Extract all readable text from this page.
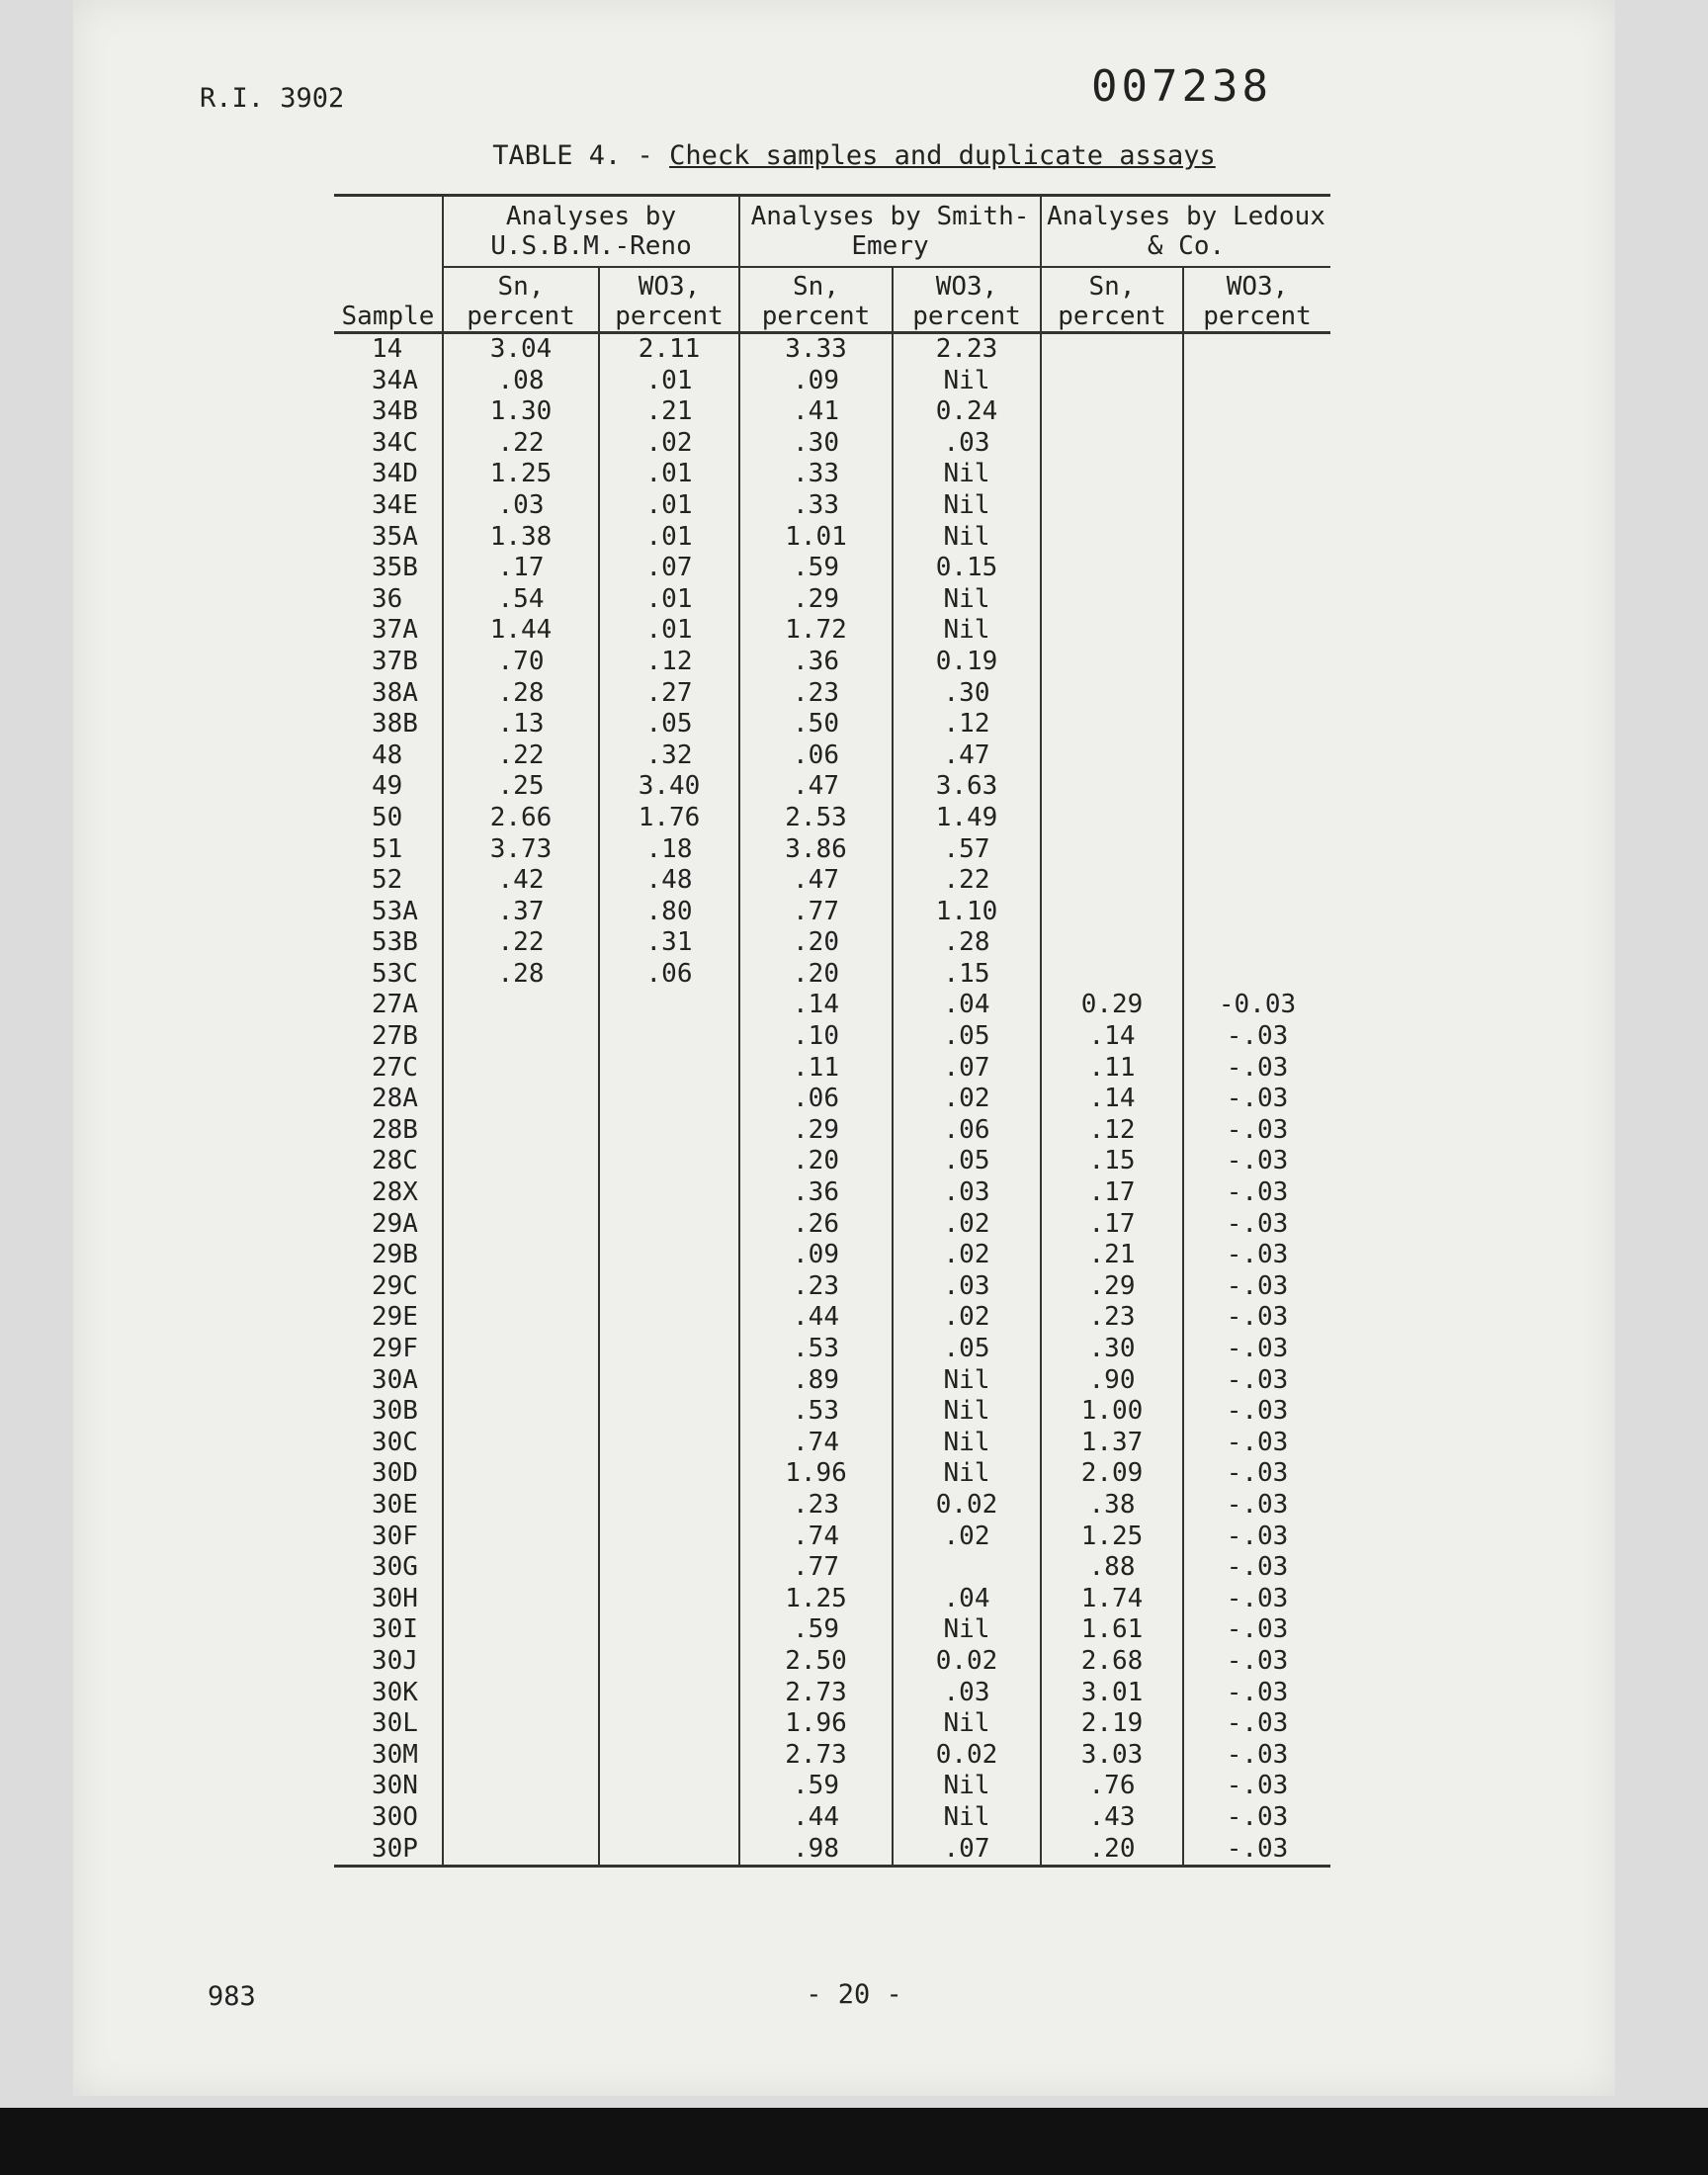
R.I. 3902	007238
TABLE 4. - Check samples and duplicate assays
	Analyses by U.S.B.M.-Reno		Analyses by Smith-Emery		Analyses by Ledoux & Co.	
Sample	Sn, percent	WO3, percent	Sn, percent	WO3, percent	Sn, percent	WO3, percent
14	3.04	2.11	3.33	2.23		
34A	.08	.01	.09	Nil		
34B	1.30	.21	.41	0.24		
34C	.22	.02	.30	.03		
34D	1.25	.01	.33	Nil		
34E	.03	.01	.33	Nil		
35A	1.38	.01	1.01	Nil		
35B	.17	.07	.59	0.15		
36	.54	.01	.29	Nil		
37A	1.44	.01	1.72	Nil		
37B	.70	.12	.36	0.19		
38A	.28	.27	.23	.30		
38B	.13	.05	.50	.12		
48	.22	.32	.06	.47		
49	.25	3.40	.47	3.63		
50	2.66	1.76	2.53	1.49		
51	3.73	.18	3.86	.57		
52	.42	.48	.47	.22		
53A	.37	.80	.77	1.10		
53B	.22	.31	.20	.28		
53C	.28	.06	.20	.15		
27A			.14	.04	0.29	-0.03
27B			.10	.05	.14	-.03
27C			.11	.07	.11	-.03
28A			.06	.02	.14	-.03
28B			.29	.06	.12	-.03
28C			.20	.05	.15	-.03
28X			.36	.03	.17	-.03
29A			.26	.02	.17	-.03
29B			.09	.02	.21	-.03
29C			.23	.03	.29	-.03
29E			.44	.02	.23	-.03
29F			.53	.05	.30	-.03
30A			.89	Nil	.90	-.03
30B			.53	Nil	1.00	-.03
30C			.74	Nil	1.37	-.03
30D			1.96	Nil	2.09	-.03
30E			.23	0.02	.38	-.03
30F			.74	.02	1.25	-.03
30G			.77		.88	-.03
30H			1.25	.04	1.74	-.03
30I			.59	Nil	1.61	-.03
30J			2.50	0.02	2.68	-.03
30K			2.73	.03	3.01	-.03
30L			1.96	Nil	2.19	-.03
30M			2.73	0.02	3.03	-.03
30N			.59	Nil	.76	-.03
30O			.44	Nil	.43	-.03
30P			.98	.07	.20	-.03
983	- 20 -
